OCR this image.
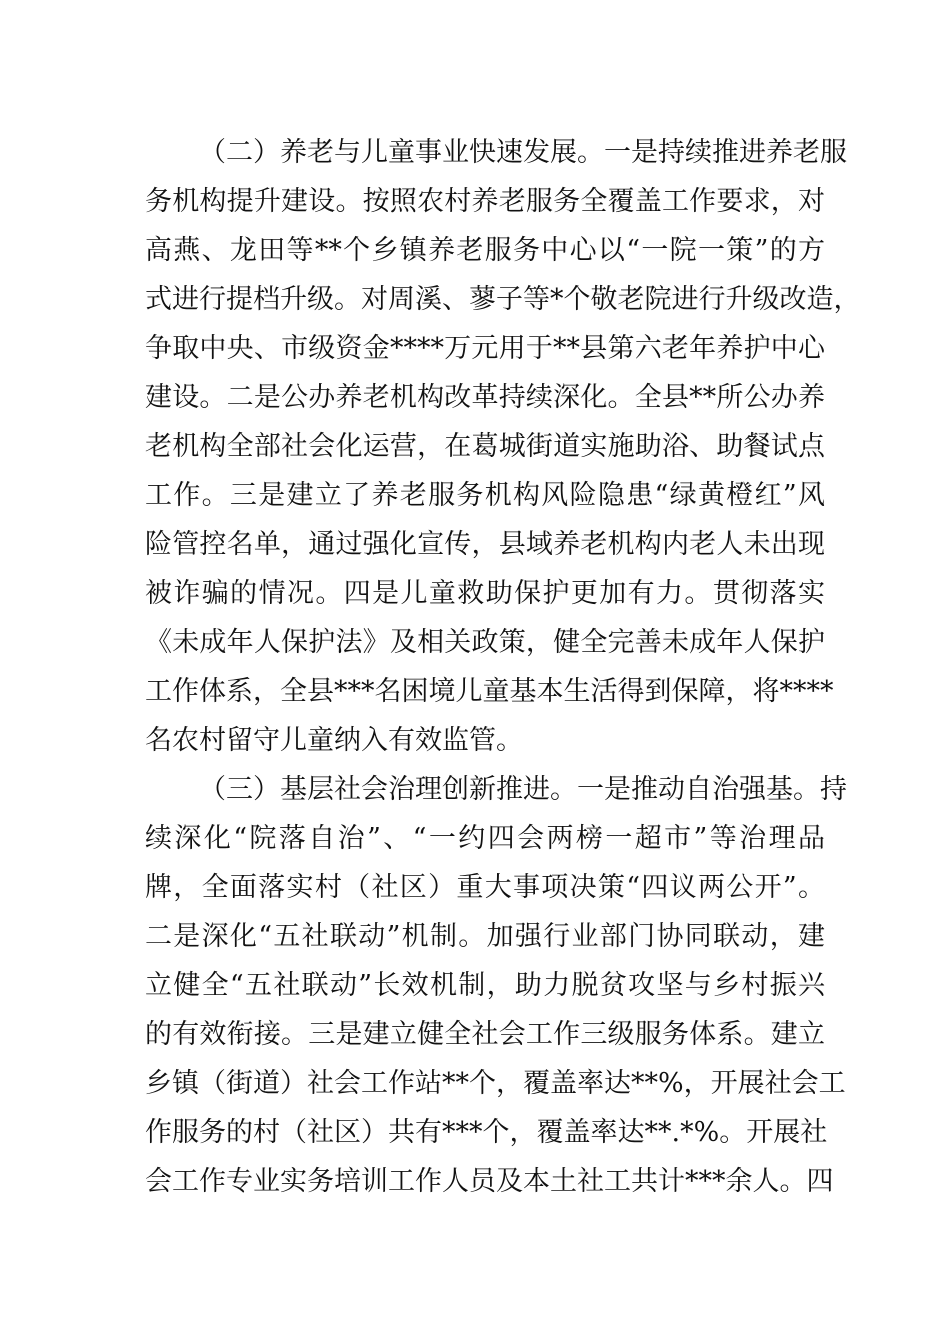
（二）养老与儿童事业快速发展。一是持续推进养老服
务机构提升建设。按照农村养老服务全覆盖工作要求，对
高燕、龙田等**个乡镇养老服务中心以“一院一策”的方
式进行提档升级。对周溪、蓼子等*个敬老院进行升级改造，
争取中央、市级资金****万元用于**县第六老年养护中心
建设。二是公办养老机构改革持续深化。全县**所公办养
老机构全部社会化运营，在葛城街道实施助浴、助餐试点
工作。三是建立了养老服务机构风险隐患“绿黄橙红”风
险管控名单，通过强化宣传，县域养老机构内老人未出现
被诈骗的情况。四是儿童救助保护更加有力。贯彻落实
《未成年人保护法》及相关政策，健全完善未成年人保护
工作体系，全县***名困境儿童基本生活得到保障，将****
名农村留守儿童纳入有效监管。
（三）基层社会治理创新推进。一是推动自治强基。持
续深化“院落自治”、“一约四会两榜一超市”等治理品
牌，全面落实村（社区）重大事项决策“四议两公开”。
二是深化“五社联动”机制。加强行业部门协同联动，建
立健全“五社联动”长效机制，助力脱贫攻坚与乡村振兴
的有效衔接。三是建立健全社会工作三级服务体系。建立
乡镇（街道）社会工作站**个，覆盖率达**%，开展社会工
作服务的村（社区）共有***个，覆盖率达**.*%。开展社
会工作专业实务培训工作人员及本土社工共计***余人。四
